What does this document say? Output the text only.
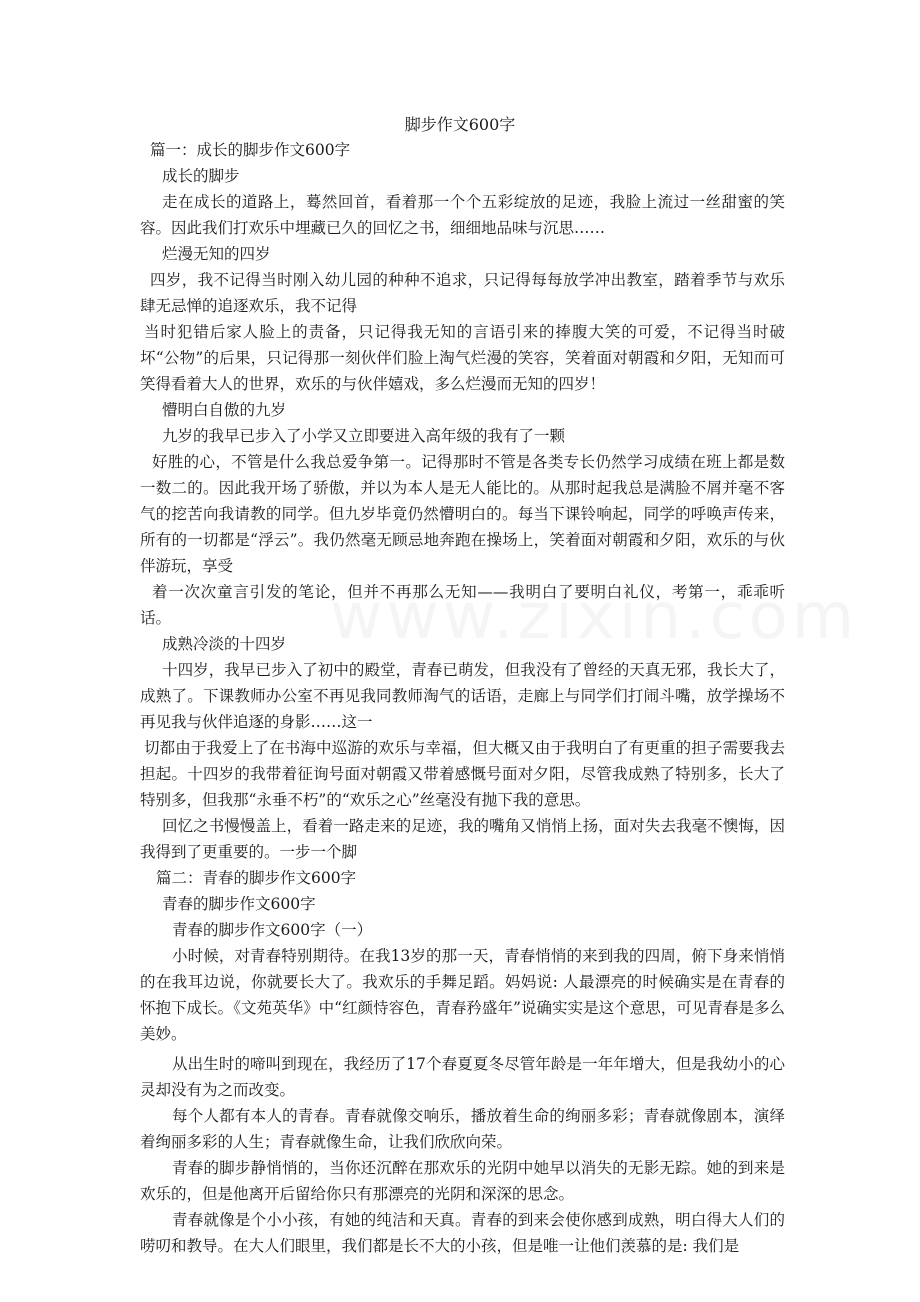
脚步作文600字

篇一：成长的脚步作文600字

成长的脚步

走在成长的道路上，蓦然回首，看着那一个个五彩绽放的足迹，我脸上流过一丝甜蜜的笑容。因此我们打欢乐中埋藏已久的回忆之书，细细地品味与沉思……

烂漫无知的四岁

四岁，我不记得当时刚入幼儿园的种种不追求，只记得每每放学冲出教室，踏着季节与欢乐肆无忌惮的追逐欢乐，我不记得

当时犯错后家人脸上的责备，只记得我无知的言语引来的捧腹大笑的可爱，不记得当时破坏“公物”的后果，只记得那一刻伙伴们脸上淘气烂漫的笑容，笑着面对朝霞和夕阳，无知而可笑得看着大人的世界，欢乐的与伙伴嬉戏，多么烂漫而无知的四岁！

懵明白自傲的九岁

九岁的我早已步入了小学又立即要进入高年级的我有了一颗

好胜的心，不管是什么我总爱争第一。记得那时不管是各类专长仍然学习成绩在班上都是数一数二的。因此我开场了骄傲，并以为本人是无人能比的。从那时起我总是满脸不屑并毫不客气的挖苦向我请教的同学。但九岁毕竟仍然懵明白的。每当下课铃响起，同学的呼唤声传来，所有的一切都是“浮云”。我仍然毫无顾忌地奔跑在操场上，笑着面对朝霞和夕阳，欢乐的与伙伴游玩，享受

着一次次童言引发的笔论，但并不再那么无知——我明白了要明白礼仪，考第一，乖乖听话。

成熟冷淡的十四岁

十四岁，我早已步入了初中的殿堂，青春已萌发，但我没有了曾经的天真无邪，我长大了，成熟了。下课教师办公室不再见我同教师淘气的话语，走廊上与同学们打闹斗嘴，放学操场不再见我与伙伴追逐的身影……这一

切都由于我爱上了在书海中巡游的欢乐与幸福，但大概又由于我明白了有更重的担子需要我去担起。十四岁的我带着征询号面对朝霞又带着感慨号面对夕阳，尽管我成熟了特别多，长大了特别多，但我那“永垂不朽”的“欢乐之心”丝毫没有抛下我的意思。

回忆之书慢慢盖上，看着一路走来的足迹，我的嘴角又悄悄上扬，面对失去我毫不懊悔，因我得到了更重要的。一步一个脚

篇二：青春的脚步作文600字

青春的脚步作文600字

青春的脚步作文600字（一）

小时候，对青春特别期待。在我13岁的那一天，青春悄悄的来到我的四周，俯下身来悄悄的在我耳边说，你就要长大了。我欢乐的手舞足蹈。妈妈说: 人最漂亮的时候确实是在青春的怀抱下成长。《文苑英华》中“红颜恃容色，青春矜盛年”说确实实是这个意思，可见青春是多么美妙。

从出生时的啼叫到现在，我经历了17个春夏夏冬尽管年龄是一年年增大，但是我幼小的心灵却没有为之而改变。

每个人都有本人的青春。青春就像交响乐，播放着生命的绚丽多彩；青春就像剧本，演绎着绚丽多彩的人生；青春就像生命，让我们欣欣向荣。

青春的脚步静悄悄的，当你还沉醉在那欢乐的光阴中她早以消失的无影无踪。她的到来是欢乐的，但是他离开后留给你只有那漂亮的光阴和深深的思念。

青春就像是个小小孩，有她的纯洁和天真。青春的到来会使你感到成熟，明白得大人们的唠叨和教导。在大人们眼里，我们都是长不大的小孩，但是唯一让他们羡慕的是: 我们是
